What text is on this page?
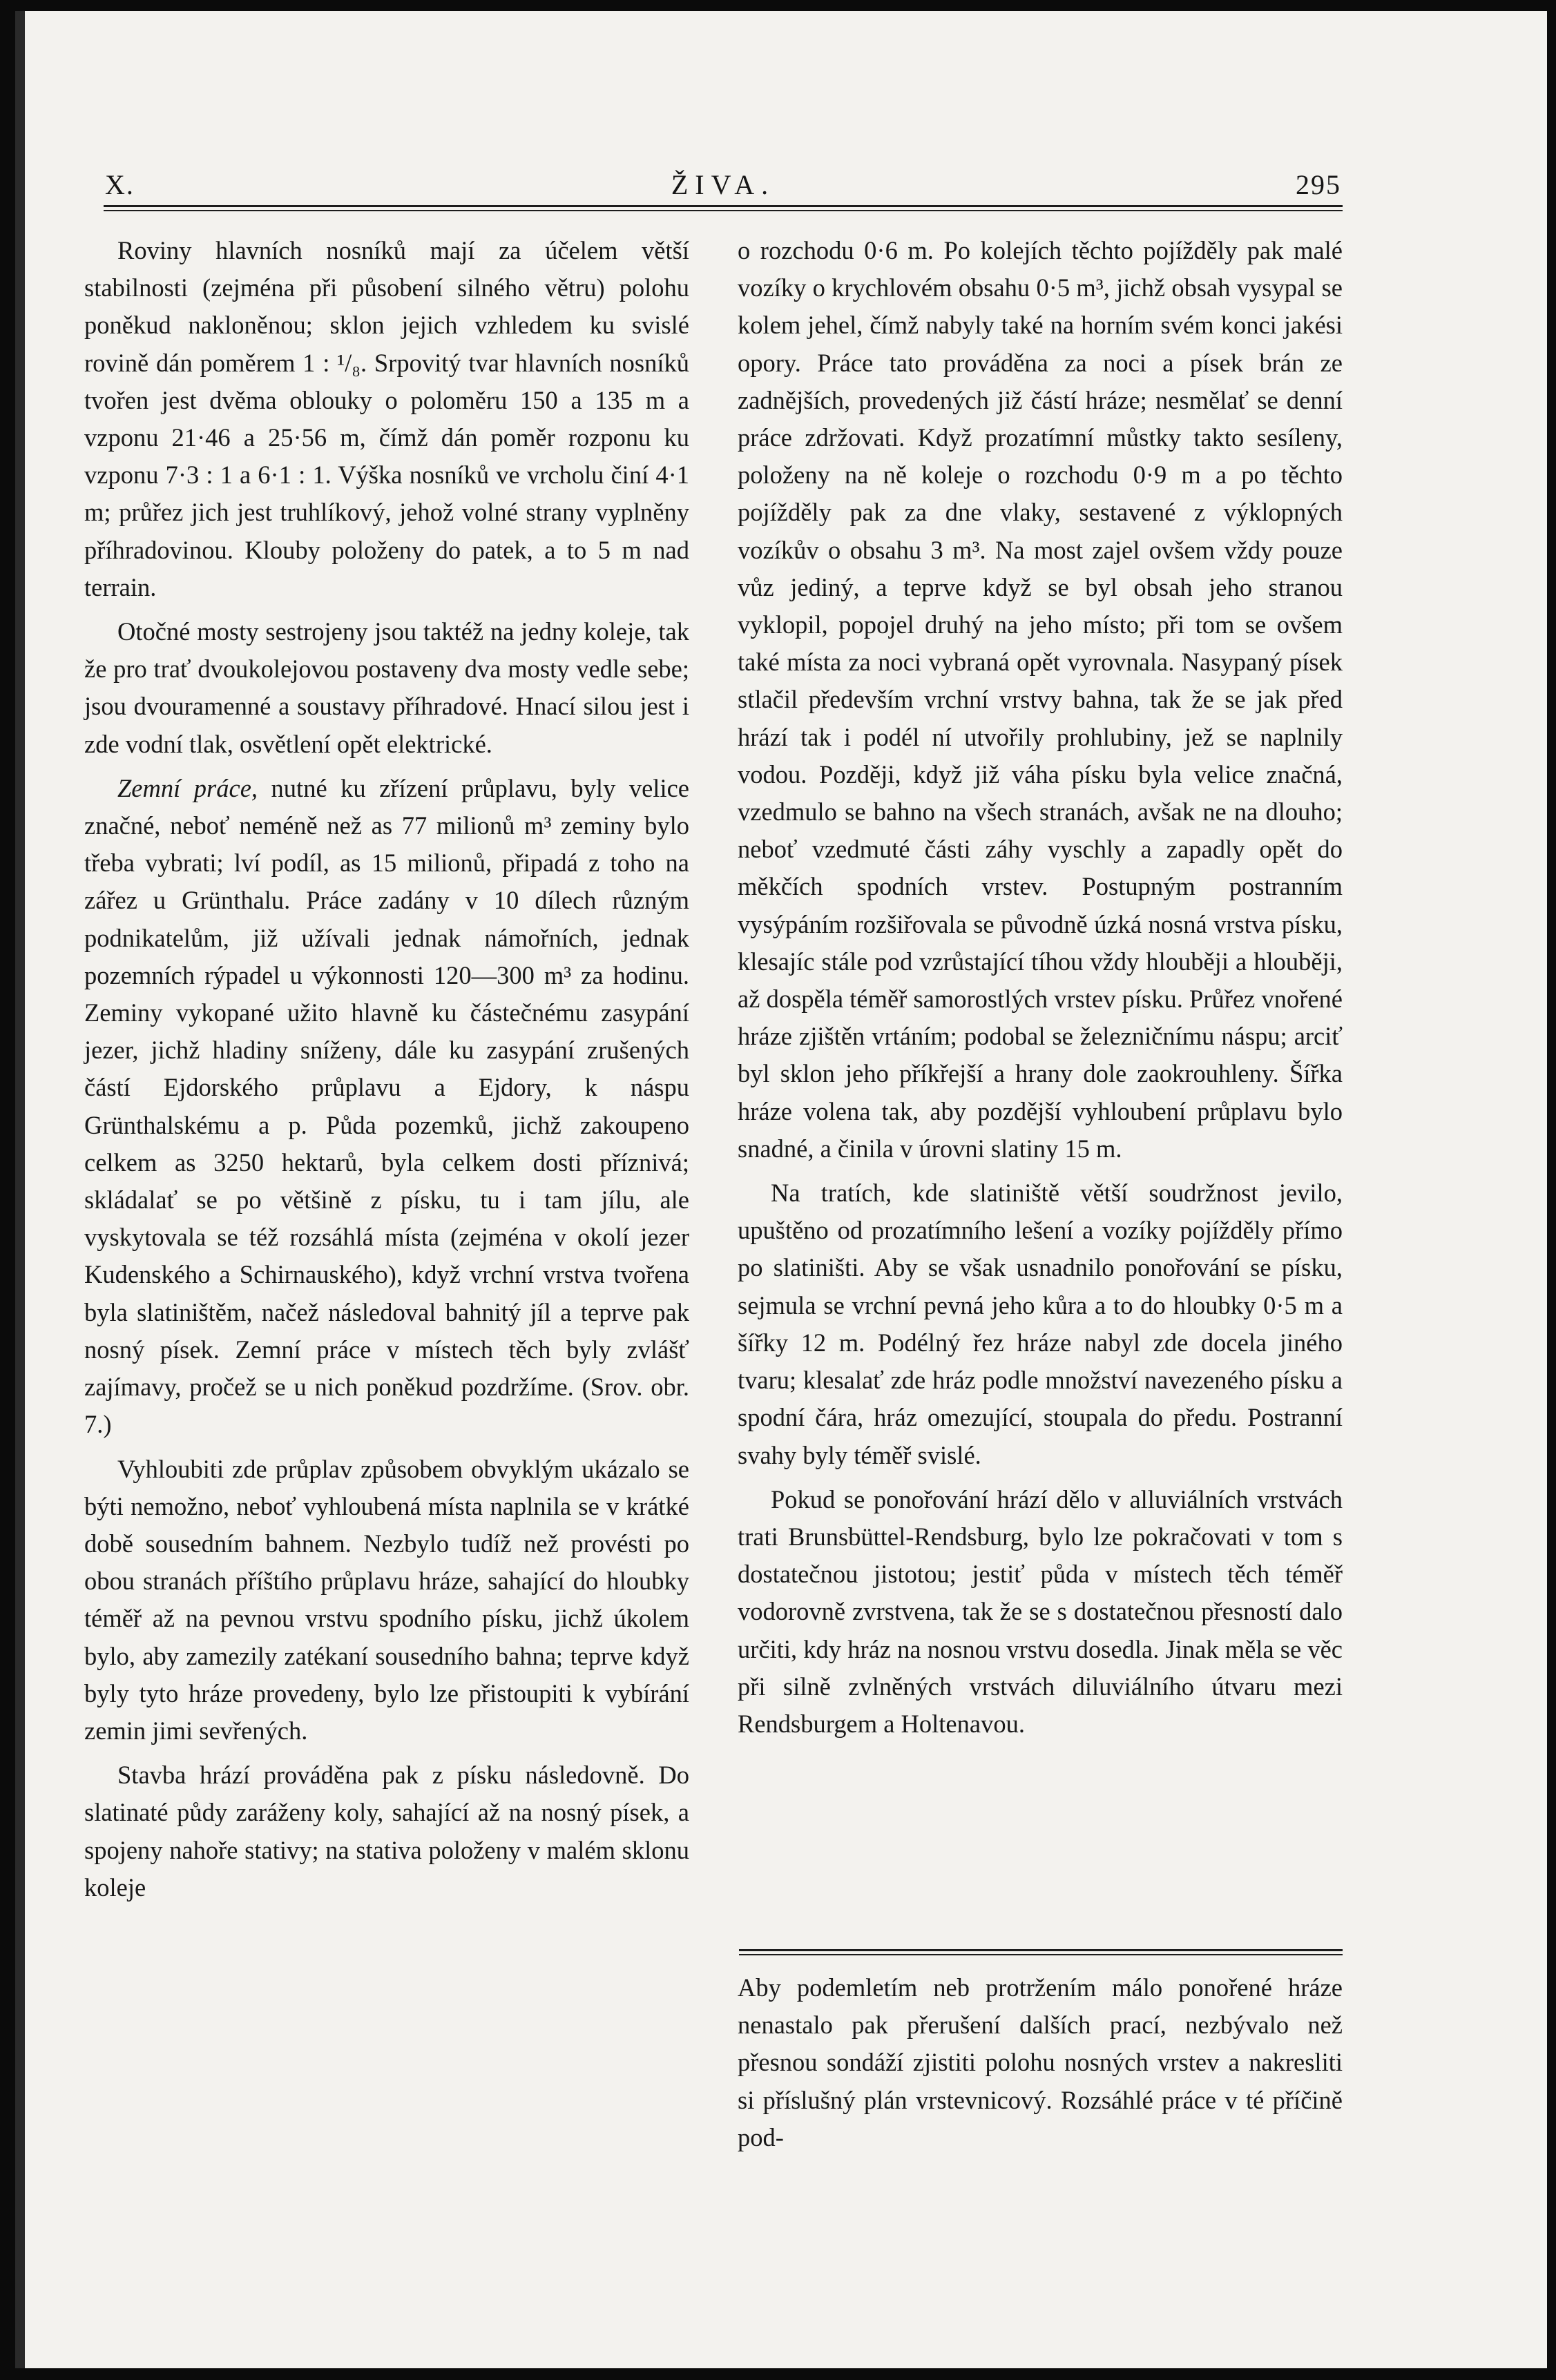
X.	ŽIVA.	295

Roviny hlavních nosníků mají za účelem větší stabilnosti (zejména při působení silného větru) polohu poněkud nakloněnou; sklon jejich vzhledem ku svislé rovině dán poměrem 1 : ¹/₈. Srpovitý tvar hlavních nosníků tvořen jest dvěma oblouky o poloměru 150 a 135 m a vzponu 21·46 a 25·56 m, čímž dán poměr rozponu ku vzponu 7·3 : 1 a 6·1 : 1. Výška nosníků ve vrcholu činí 4·1 m; průřez jich jest truhlíkový, jehož volné strany vyplněny příhradovinou. Klouby položeny do patek, a to 5 m nad terrain.

Otočné mosty sestrojeny jsou taktéž na jedny koleje, tak že pro trať dvoukolejovou postaveny dva mosty vedle sebe; jsou dvouramenné a soustavy příhradové. Hnací silou jest i zde vodní tlak, osvětlení opět elektrické.

Zemní práce, nutné ku zřízení průplavu, byly velice značné, neboť neméně než as 77 milionů m³ zeminy bylo třeba vybrati; lví podíl, as 15 milionů, připadá z toho na zářez u Grünthalu. Práce zadány v 10 dílech různým podnikatelům, již užívali jednak námořních, jednak pozemních rýpadel u výkonnosti 120—300 m³ za hodinu. Zeminy vykopané užito hlavně ku částečnému zasypání jezer, jichž hladiny sníženy, dále ku zasypání zrušených částí Ejdorského průplavu a Ejdory, k náspu Grünthalskému a p. Půda pozemků, jichž zakoupeno celkem as 3250 hektarů, byla celkem dosti příznivá; skládalať se po většině z písku, tu i tam jílu, ale vyskytovala se též rozsáhlá místa (zejména v okolí jezer Kudenského a Schirnauského), když vrchní vrstva tvořena byla slatiništěm, načež následoval bahnitý jíl a teprve pak nosný písek. Zemní práce v místech těch byly zvlášť zajímavy, pročež se u nich poněkud pozdržíme. (Srov. obr. 7.)

Vyhloubiti zde průplav způsobem obvyklým ukázalo se býti nemožno, neboť vyhloubená místa naplnila se v krátké době sousedním bahnem. Nezbylo tudíž než provésti po obou stranách příštího průplavu hráze, sahající do hloubky téměř až na pevnou vrstvu spodního písku, jichž úkolem bylo, aby zamezily zatékaní sousedního bahna; teprve když byly tyto hráze provedeny, bylo lze přistoupiti k vybírání zemin jimi sevřených.

Stavba hrází prováděna pak z písku následovně. Do slatinaté půdy zaráženy koly, sahající až na nosný písek, a spojeny nahoře stativy; na stativa položeny v malém sklonu koleje

o rozchodu 0·6 m. Po kolejích těchto pojížděly pak malé vozíky o krychlovém obsahu 0·5 m³, jichž obsah vysypal se kolem jehel, čímž nabyly také na horním svém konci jakési opory. Práce tato prováděna za noci a písek brán ze zadnějších, provedených již částí hráze; nesmělať se denní práce zdržovati. Když prozatímní můstky takto sesíleny, položeny na ně koleje o rozchodu 0·9 m a po těchto pojížděly pak za dne vlaky, sestavené z výklopných vozíkův o obsahu 3 m³. Na most zajel ovšem vždy pouze vůz jediný, a teprve když se byl obsah jeho stranou vyklopil, popojel druhý na jeho místo; při tom se ovšem také místa za noci vybraná opět vyrovnala. Nasypaný písek stlačil především vrchní vrstvy bahna, tak že se jak před hrází tak i podél ní utvořily prohlubiny, jež se naplnily vodou. Později, když již váha písku byla velice značná, vzedmulo se bahno na všech stranách, avšak ne na dlouho; neboť vzedmuté části záhy vyschly a zapadly opět do měkčích spodních vrstev. Postupným postranním vysýpáním rozšiřovala se původně úzká nosná vrstva písku, klesajíc stále pod vzrůstající tíhou vždy hlouběji a hlouběji, až dospěla téměř samorostlých vrstev písku. Průřez vnořené hráze zjištěn vrtáním; podobal se železničnímu náspu; arciť byl sklon jeho příkřejší a hrany dole zaokrouhleny. Šířka hráze volena tak, aby pozdější vyhloubení průplavu bylo snadné, a činila v úrovni slatiny 15 m.

Na tratích, kde slatiniště větší soudržnost jevilo, upuštěno od prozatímního lešení a vozíky pojížděly přímo po slatiništi. Aby se však usnadnilo ponořování se písku, sejmula se vrchní pevná jeho kůra a to do hloubky 0·5 m a šířky 12 m. Podélný řez hráze nabyl zde docela jiného tvaru; klesalať zde hráz podle množství navezeného písku a spodní čára, hráz omezující, stoupala do předu. Postranní svahy byly téměř svislé.

Pokud se ponořování hrází dělo v alluviálních vrstvách trati Brunsbüttel-Rendsburg, bylo lze pokračovati v tom s dostatečnou jistotou; jestiť půda v místech těch téměř vodorovně zvrstvena, tak že se s dostatečnou přesností dalo určiti, kdy hráz na nosnou vrstvu dosedla. Jinak měla se věc při silně zvlněných vrstvách diluviálního útvaru mezi Rendsburgem a Holtenavou.

Aby podemletím neb protržením málo ponořené hráze nenastalo pak přerušení dalších prací, nezbývalo než přesnou sondáží zjistiti polohu nosných vrstev a nakresliti si příslušný plán vrstevnicový. Rozsáhlé práce v té příčině pod-
